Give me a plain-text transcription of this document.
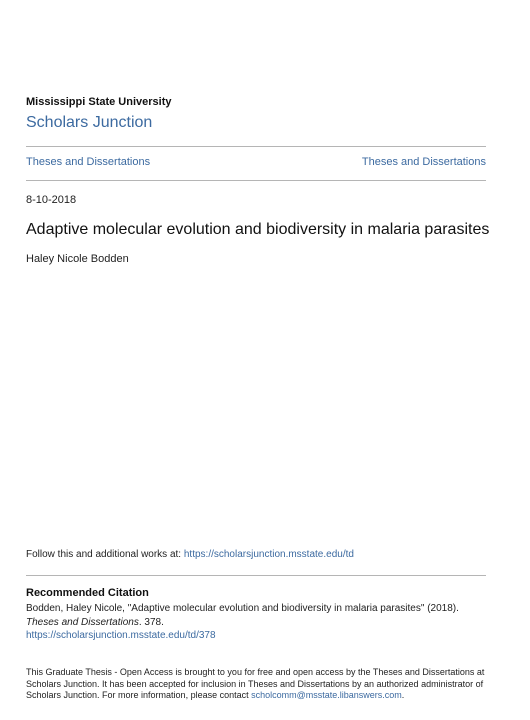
Mississippi State University
Scholars Junction
Theses and Dissertations	Theses and Dissertations
8-10-2018
Adaptive molecular evolution and biodiversity in malaria parasites
Haley Nicole Bodden
Follow this and additional works at: https://scholarsjunction.msstate.edu/td
Recommended Citation
Bodden, Haley Nicole, "Adaptive molecular evolution and biodiversity in malaria parasites" (2018). Theses and Dissertations. 378.
https://scholarsjunction.msstate.edu/td/378
This Graduate Thesis - Open Access is brought to you for free and open access by the Theses and Dissertations at Scholars Junction. It has been accepted for inclusion in Theses and Dissertations by an authorized administrator of Scholars Junction. For more information, please contact scholcomm@msstate.libanswers.com.
